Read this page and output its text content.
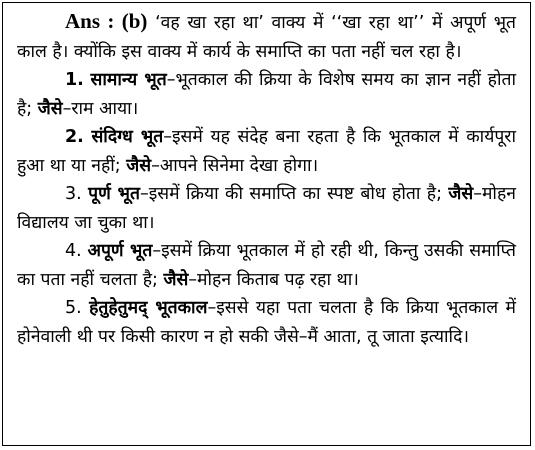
Ans : (b) ‘वह खा रहा था’ वाक्य में ‘‘खा रहा था’’ में अपूर्ण भूत काल है। क्योंकि इस वाक्य में कार्य के समाप्ति का पता नहीं चल रहा है।

1. सामान्य भूत–भूतकाल की क्रिया के विशेष समय का ज्ञान नहीं होता है; जैसे–राम आया।

2. संदिग्ध भूत–इसमें यह संदेह बना रहता है कि भूतकाल में कार्यपूरा हुआ था या नहीं; जैसे–आपने सिनेमा देखा होगा।

3. पूर्ण भूत–इसमें क्रिया की समाप्ति का स्पष्ट बोध होता है; जैसे–मोहन विद्यालय जा चुका था।

4. अपूर्ण भूत–इसमें क्रिया भूतकाल में हो रही थी, किन्तु उसकी समाप्ति का पता नहीं चलता है; जैसे–मोहन किताब पढ़ रहा था।

5. हेतुहेतुमद् भूतकाल–इससे यहा पता चलता है कि क्रिया भूतकाल में होनेवाली थी पर किसी कारण न हो सकी जैसे–मैं आता, तू जाता इत्यादि।
